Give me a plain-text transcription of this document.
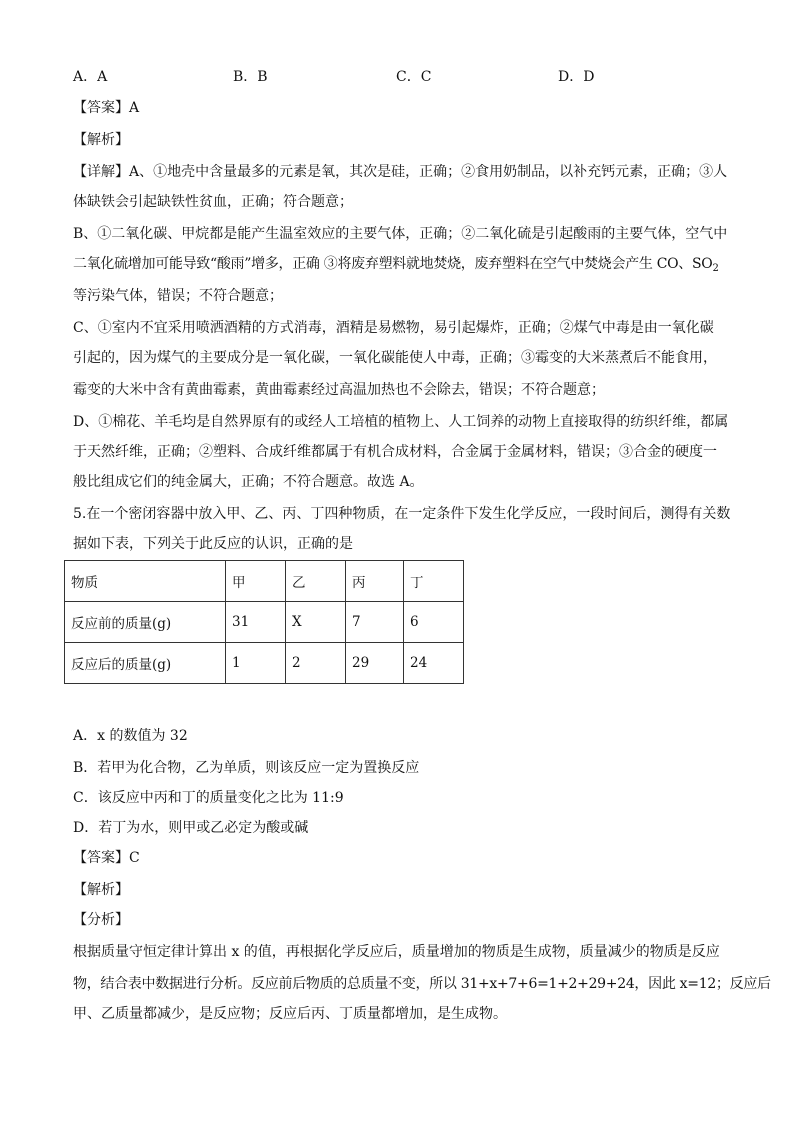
A．A	B．B	C．C	D．D
【答案】A
【解析】
【详解】A、①地壳中含量最多的元素是氧，其次是硅，正确；②食用奶制品，以补充钙元素，正确；③人
体缺铁会引起缺铁性贫血，正确；符合题意；
B、①二氧化碳、甲烷都是能产生温室效应的主要气体，正确；②二氧化硫是引起酸雨的主要气体，空气中
二氧化硫增加可能导致“酸雨”增多，正确 ③将废弃塑料就地焚烧，废弃塑料在空气中焚烧会产生 CO、$SO_2$
等污染气体，错误；不符合题意；
C、①室内不宜采用喷洒酒精的方式消毒，酒精是易燃物，易引起爆炸，正确；②煤气中毒是由一氧化碳
引起的，因为煤气的主要成分是一氧化碳，一氧化碳能使人中毒，正确；③霉变的大米蒸煮后不能食用，
霉变的大米中含有黄曲霉素，黄曲霉素经过高温加热也不会除去，错误；不符合题意；
D、①棉花、羊毛均是自然界原有的或经人工培植的植物上、人工饲养的动物上直接取得的纺织纤维，都属
于天然纤维，正确；②塑料、合成纤维都属于有机合成材料，合金属于金属材料，错误；③合金的硬度一
般比组成它们的纯金属大，正确；不符合题意。故选 A。
5.在一个密闭容器中放入甲、乙、丙、丁四种物质，在一定条件下发生化学反应，一段时间后，测得有关数
据如下表，下列关于此反应的认识，正确的是
物质	甲	乙	丙	丁
反应前的质量(g)	31	X	7	6
反应后的质量(g)	1	2	29	24
A．x 的数值为 32
B．若甲为化合物，乙为单质，则该反应一定为置换反应
C．该反应中丙和丁的质量变化之比为 11:9
D．若丁为水，则甲或乙必定为酸或碱
【答案】C
【解析】
【分析】
根据质量守恒定律计算出 x 的值，再根据化学反应后，质量增加的物质是生成物，质量减少的物质是反应
物，结合表中数据进行分析。反应前后物质的总质量不变，所以 31+x+7+6=1+2+29+24，因此 x=12；反应后
甲、乙质量都减少，是反应物；反应后丙、丁质量都增加，是生成物。
